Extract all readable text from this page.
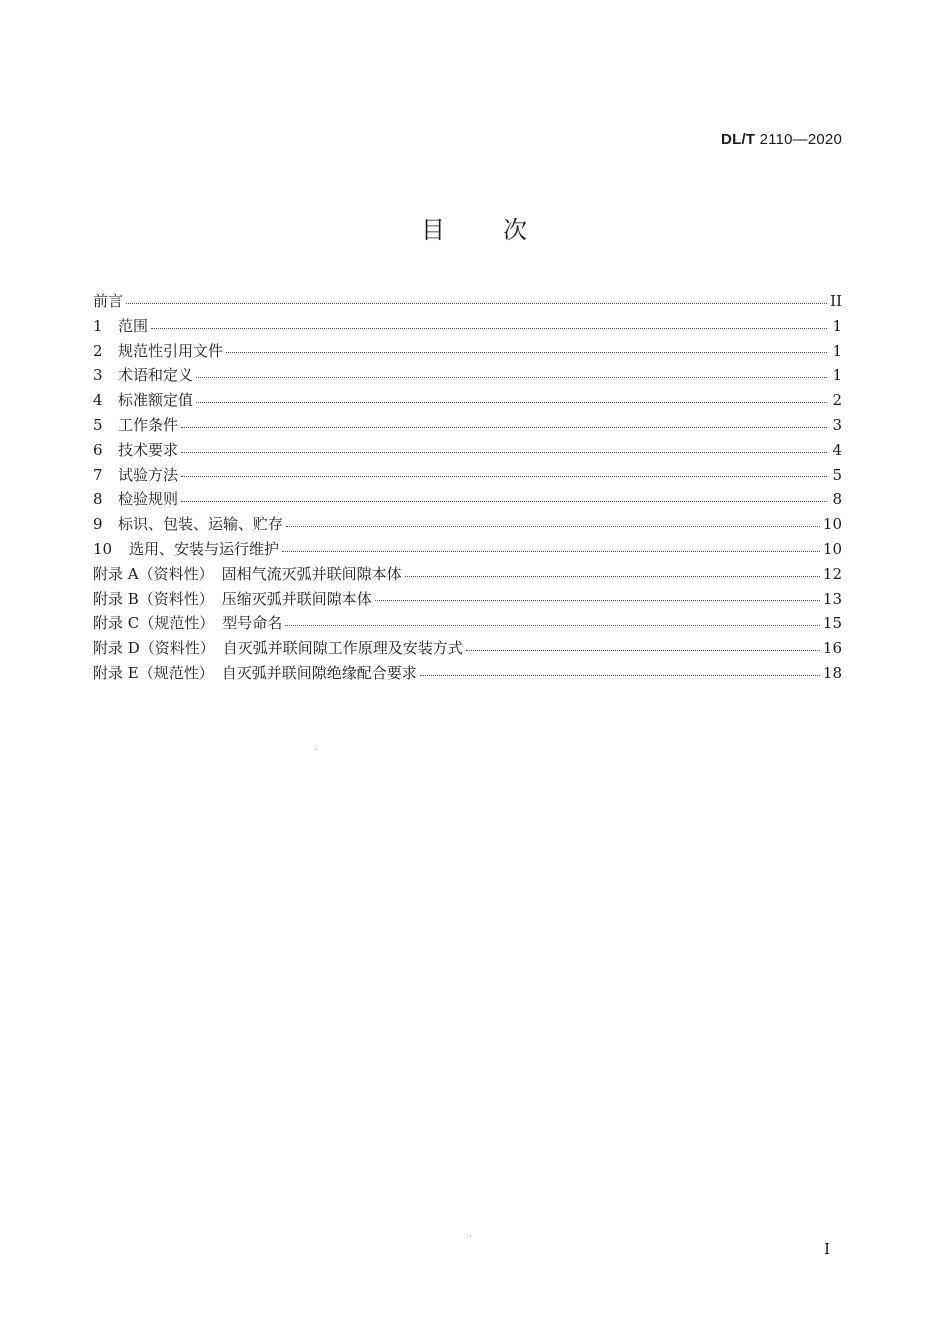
DL/T 2110—2020
目 次
前言	II
1	范围	1
2	规范性引用文件	1
3	术语和定义	1
4	标准额定值	2
5	工作条件	3
6	技术要求	4
7	试验方法	5
8	检验规则	8
9	标识、包装、运输、贮存	10
10	选用、安装与运行维护	10
附录 A（资料性） 固相气流灭弧并联间隙本体	12
附录 B（资料性） 压缩灭弧并联间隙本体	13
附录 C（规范性） 型号命名	15
附录 D（资料性） 自灭弧并联间隙工作原理及安装方式	16
附录 E（规范性） 自灭弧并联间隙绝缘配合要求	18
I
